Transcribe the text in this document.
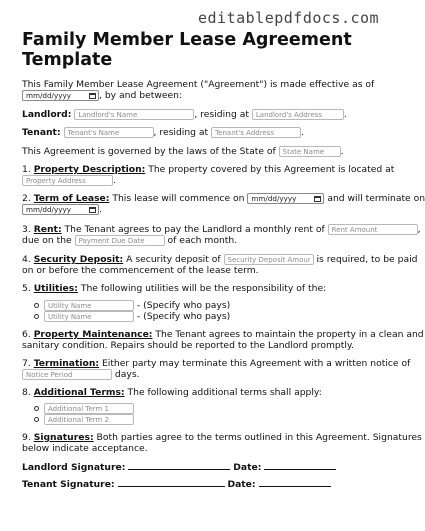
editablepdfdocs.com
Family Member Lease Agreement Template
This Family Member Lease Agreement ("Agreement") is made effective as of
mm/dd/yyyy	, by and between:
Landlord: Landlord's Name	, residing at Landlord's Address	.
Tenant: Tenant's Name	, residing at Tenant's Address	.
This Agreement is governed by the laws of the State of State Name	.
1. Property Description: The property covered by this Agreement is located at
Property Address.
2. Term of Lease: This lease will commence on mm/dd/yyyy	and will terminate on
mm/dd/yyyy	.
3. Rent: The Tenant agrees to pay the Landlord a monthly rent of Rent Amount	,
due on the Payment Due Date	of each month.
4. Security Deposit: A security deposit of Security Deposit Amount	is required, to be paid
on or before the commencement of the lease term.
5. Utilities: The following utilities will be the responsibility of the:
Utility Name - (Specify who pays)
Utility Name - (Specify who pays)
6. Property Maintenance: The Tenant agrees to maintain the property in a clean and
sanitary condition. Repairs should be reported to the Landlord promptly.
7. Termination: Either party may terminate this Agreement with a written notice of
Notice Period days.
8. Additional Terms: The following additional terms shall apply:
Additional Term 1
Additional Term 2
9. Signatures: Both parties agree to the terms outlined in this Agreement. Signatures
below indicate acceptance.
Landlord Signature:	Date:
Tenant Signature:	Date:
